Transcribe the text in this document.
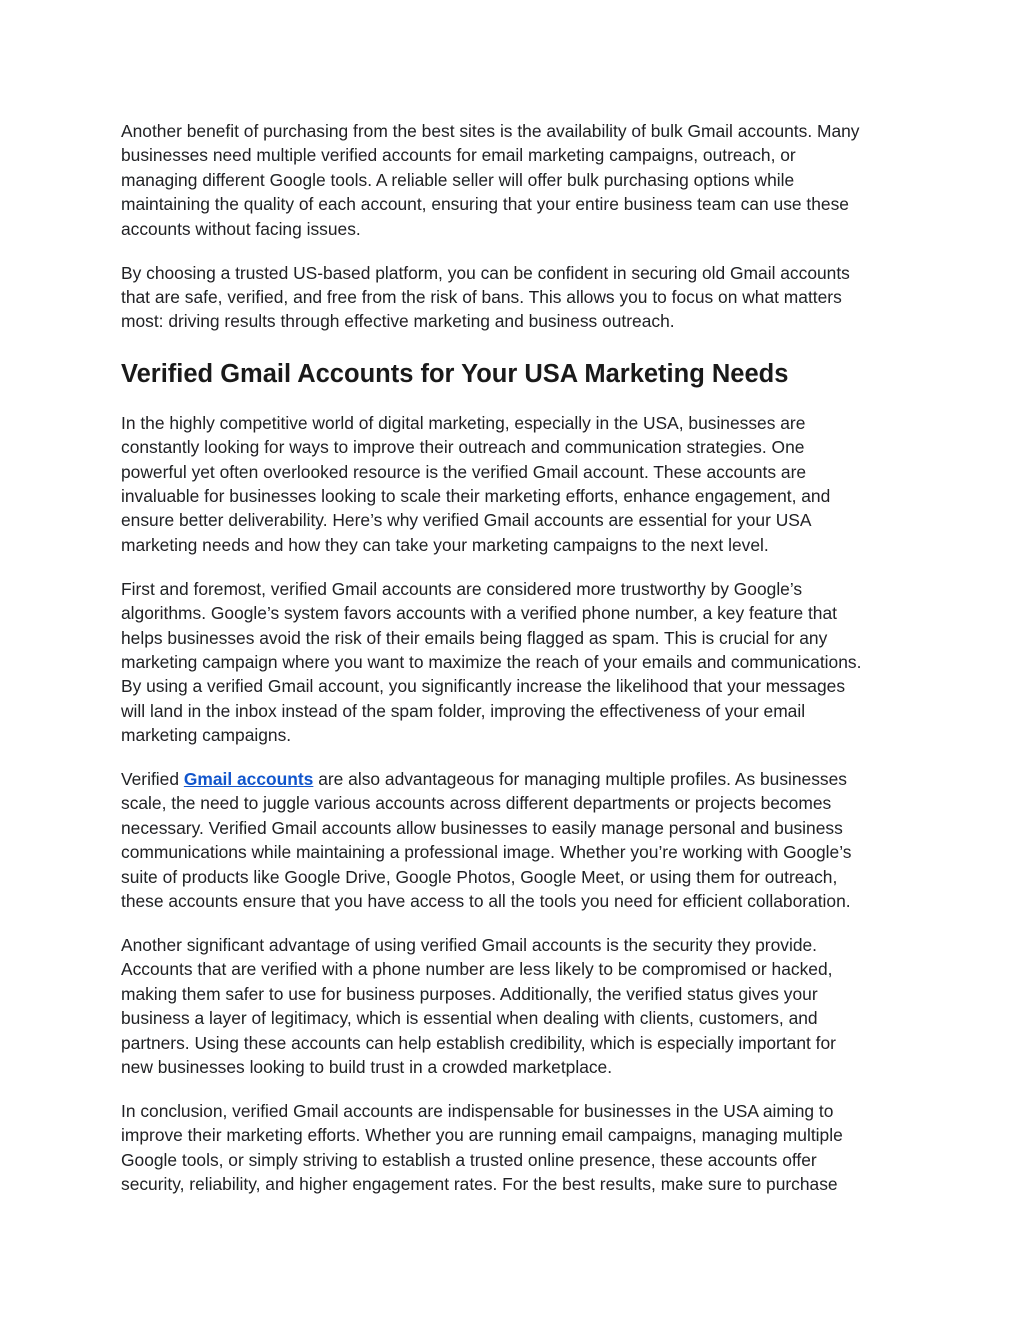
Another benefit of purchasing from the best sites is the availability of bulk Gmail accounts. Many
businesses need multiple verified accounts for email marketing campaigns, outreach, or
managing different Google tools. A reliable seller will offer bulk purchasing options while
maintaining the quality of each account, ensuring that your entire business team can use these
accounts without facing issues.

By choosing a trusted US-based platform, you can be confident in securing old Gmail accounts
that are safe, verified, and free from the risk of bans. This allows you to focus on what matters
most: driving results through effective marketing and business outreach.

Verified Gmail Accounts for Your USA Marketing Needs

In the highly competitive world of digital marketing, especially in the USA, businesses are
constantly looking for ways to improve their outreach and communication strategies. One
powerful yet often overlooked resource is the verified Gmail account. These accounts are
invaluable for businesses looking to scale their marketing efforts, enhance engagement, and
ensure better deliverability. Here’s why verified Gmail accounts are essential for your USA
marketing needs and how they can take your marketing campaigns to the next level.

First and foremost, verified Gmail accounts are considered more trustworthy by Google’s
algorithms. Google’s system favors accounts with a verified phone number, a key feature that
helps businesses avoid the risk of their emails being flagged as spam. This is crucial for any
marketing campaign where you want to maximize the reach of your emails and communications.
By using a verified Gmail account, you significantly increase the likelihood that your messages
will land in the inbox instead of the spam folder, improving the effectiveness of your email
marketing campaigns.

Verified Gmail accounts are also advantageous for managing multiple profiles. As businesses
scale, the need to juggle various accounts across different departments or projects becomes
necessary. Verified Gmail accounts allow businesses to easily manage personal and business
communications while maintaining a professional image. Whether you’re working with Google’s
suite of products like Google Drive, Google Photos, Google Meet, or using them for outreach,
these accounts ensure that you have access to all the tools you need for efficient collaboration.

Another significant advantage of using verified Gmail accounts is the security they provide.
Accounts that are verified with a phone number are less likely to be compromised or hacked,
making them safer to use for business purposes. Additionally, the verified status gives your
business a layer of legitimacy, which is essential when dealing with clients, customers, and
partners. Using these accounts can help establish credibility, which is especially important for
new businesses looking to build trust in a crowded marketplace.

In conclusion, verified Gmail accounts are indispensable for businesses in the USA aiming to
improve their marketing efforts. Whether you are running email campaigns, managing multiple
Google tools, or simply striving to establish a trusted online presence, these accounts offer
security, reliability, and higher engagement rates. For the best results, make sure to purchase
